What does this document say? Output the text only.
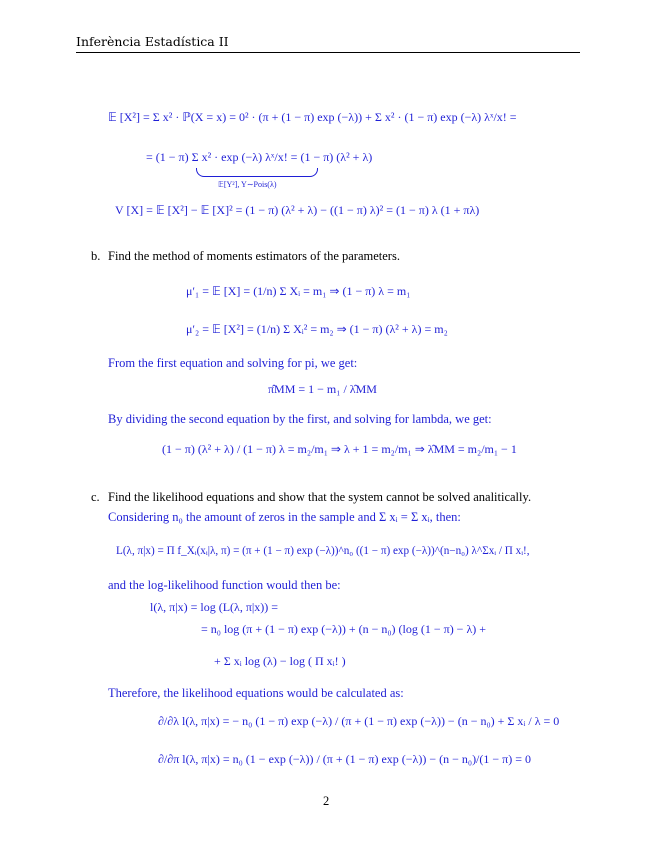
Inferència Estadística II
𝔼 [X²] = Σ x² · ℙ(X = x) = 0² · (π + (1 − π) exp (−λ)) + Σ x² · (1 − π) exp (−λ) λˣ/x! =
= (1 − π) Σ x² · exp (−λ) λˣ/x! = (1 − π) (λ² + λ)
𝔼[Y²], Y∼Pois(λ)
V [X] = 𝔼 [X²] − 𝔼 [X]² = (1 − π) (λ² + λ) − ((1 − π) λ)² = (1 − π) λ (1 + πλ)
b. Find the method of moments estimators of the parameters.
μ′₁ = 𝔼 [X] = (1/n) Σ Xᵢ = m₁ ⇒ (1 − π) λ = m₁
μ′₂ = 𝔼 [X²] = (1/n) Σ Xᵢ² = m₂ ⇒ (1 − π) (λ² + λ) = m₂
From the first equation and solving for pi, we get:
π̂MM = 1 − m₁ / λ̂MM
By dividing the second equation by the first, and solving for lambda, we get:
(1 − π) (λ² + λ) / (1 − π) λ = m₂/m₁ ⇒ λ + 1 = m₂/m₁ ⇒ λ̂MM = m₂/m₁ − 1
c. Find the likelihood equations and show that the system cannot be solved analitically.
Considering n₀ the amount of zeros in the sample and Σ xᵢ = Σ xᵢ, then:
L(λ, π|x) = Π f_Xᵢ(xᵢ|λ, π) = (π + (1 − π) exp (−λ))^n₀ ((1 − π) exp (−λ))^(n−n₀) λ^Σxᵢ / Π xᵢ!,
and the log-likelihood function would then be:
l(λ, π|x) = log (L(λ, π|x)) =
= n₀ log (π + (1 − π) exp (−λ)) + (n − n₀) (log (1 − π) − λ) +
+ Σ xᵢ log (λ) − log ( Π xᵢ! )
Therefore, the likelihood equations would be calculated as:
∂/∂λ l(λ, π|x) = − n₀ (1 − π) exp (−λ) / (π + (1 − π) exp (−λ)) − (n − n₀) + Σ xᵢ / λ = 0
∂/∂π l(λ, π|x) = n₀ (1 − exp (−λ)) / (π + (1 − π) exp (−λ)) − (n − n₀)/(1 − π) = 0
2
